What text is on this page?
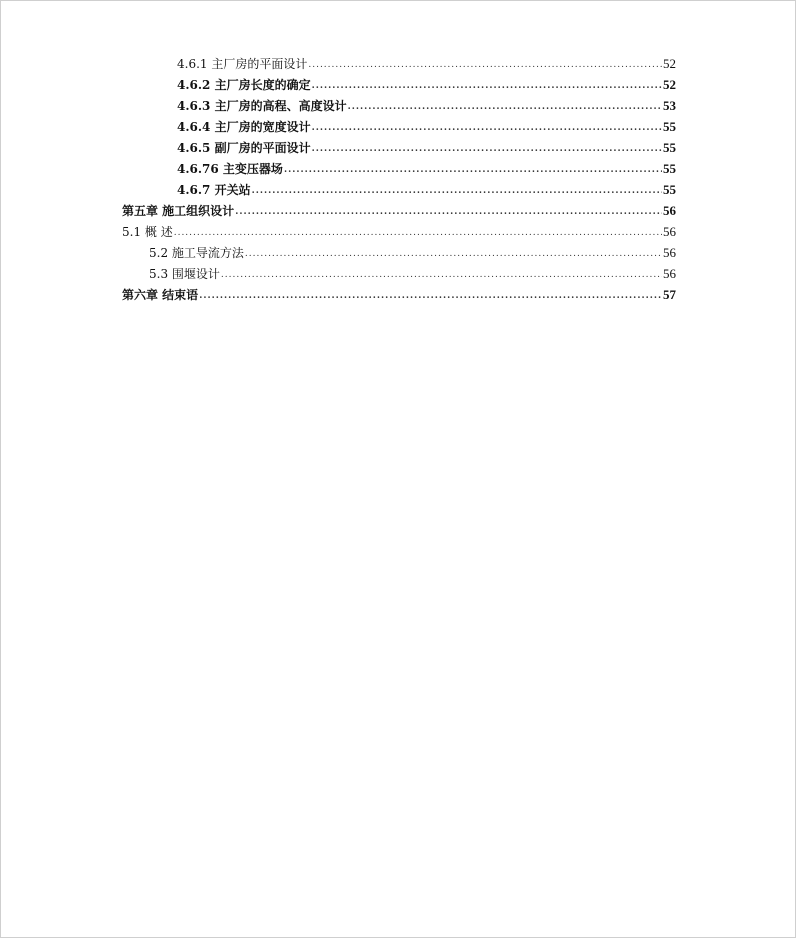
4.6.1 主厂房的平面设计 .....	52
4.6.2 主厂房长度的确定 .....	52
4.6.3 主厂房的高程、高度设计 .....	53
4.6.4 主厂房的宽度设计 .....	55
4.6.5 副厂房的平面设计 .....	55
4.6.76 主变压器场 .....	55
4.6.7 开关站 .....	55
第五章 施工组织设计 .....	56
5.1 概 述 .....	56
5.2 施工导流方法 .....	56
5.3 围堰设计 .....	56
第六章 结束语 .....	57
